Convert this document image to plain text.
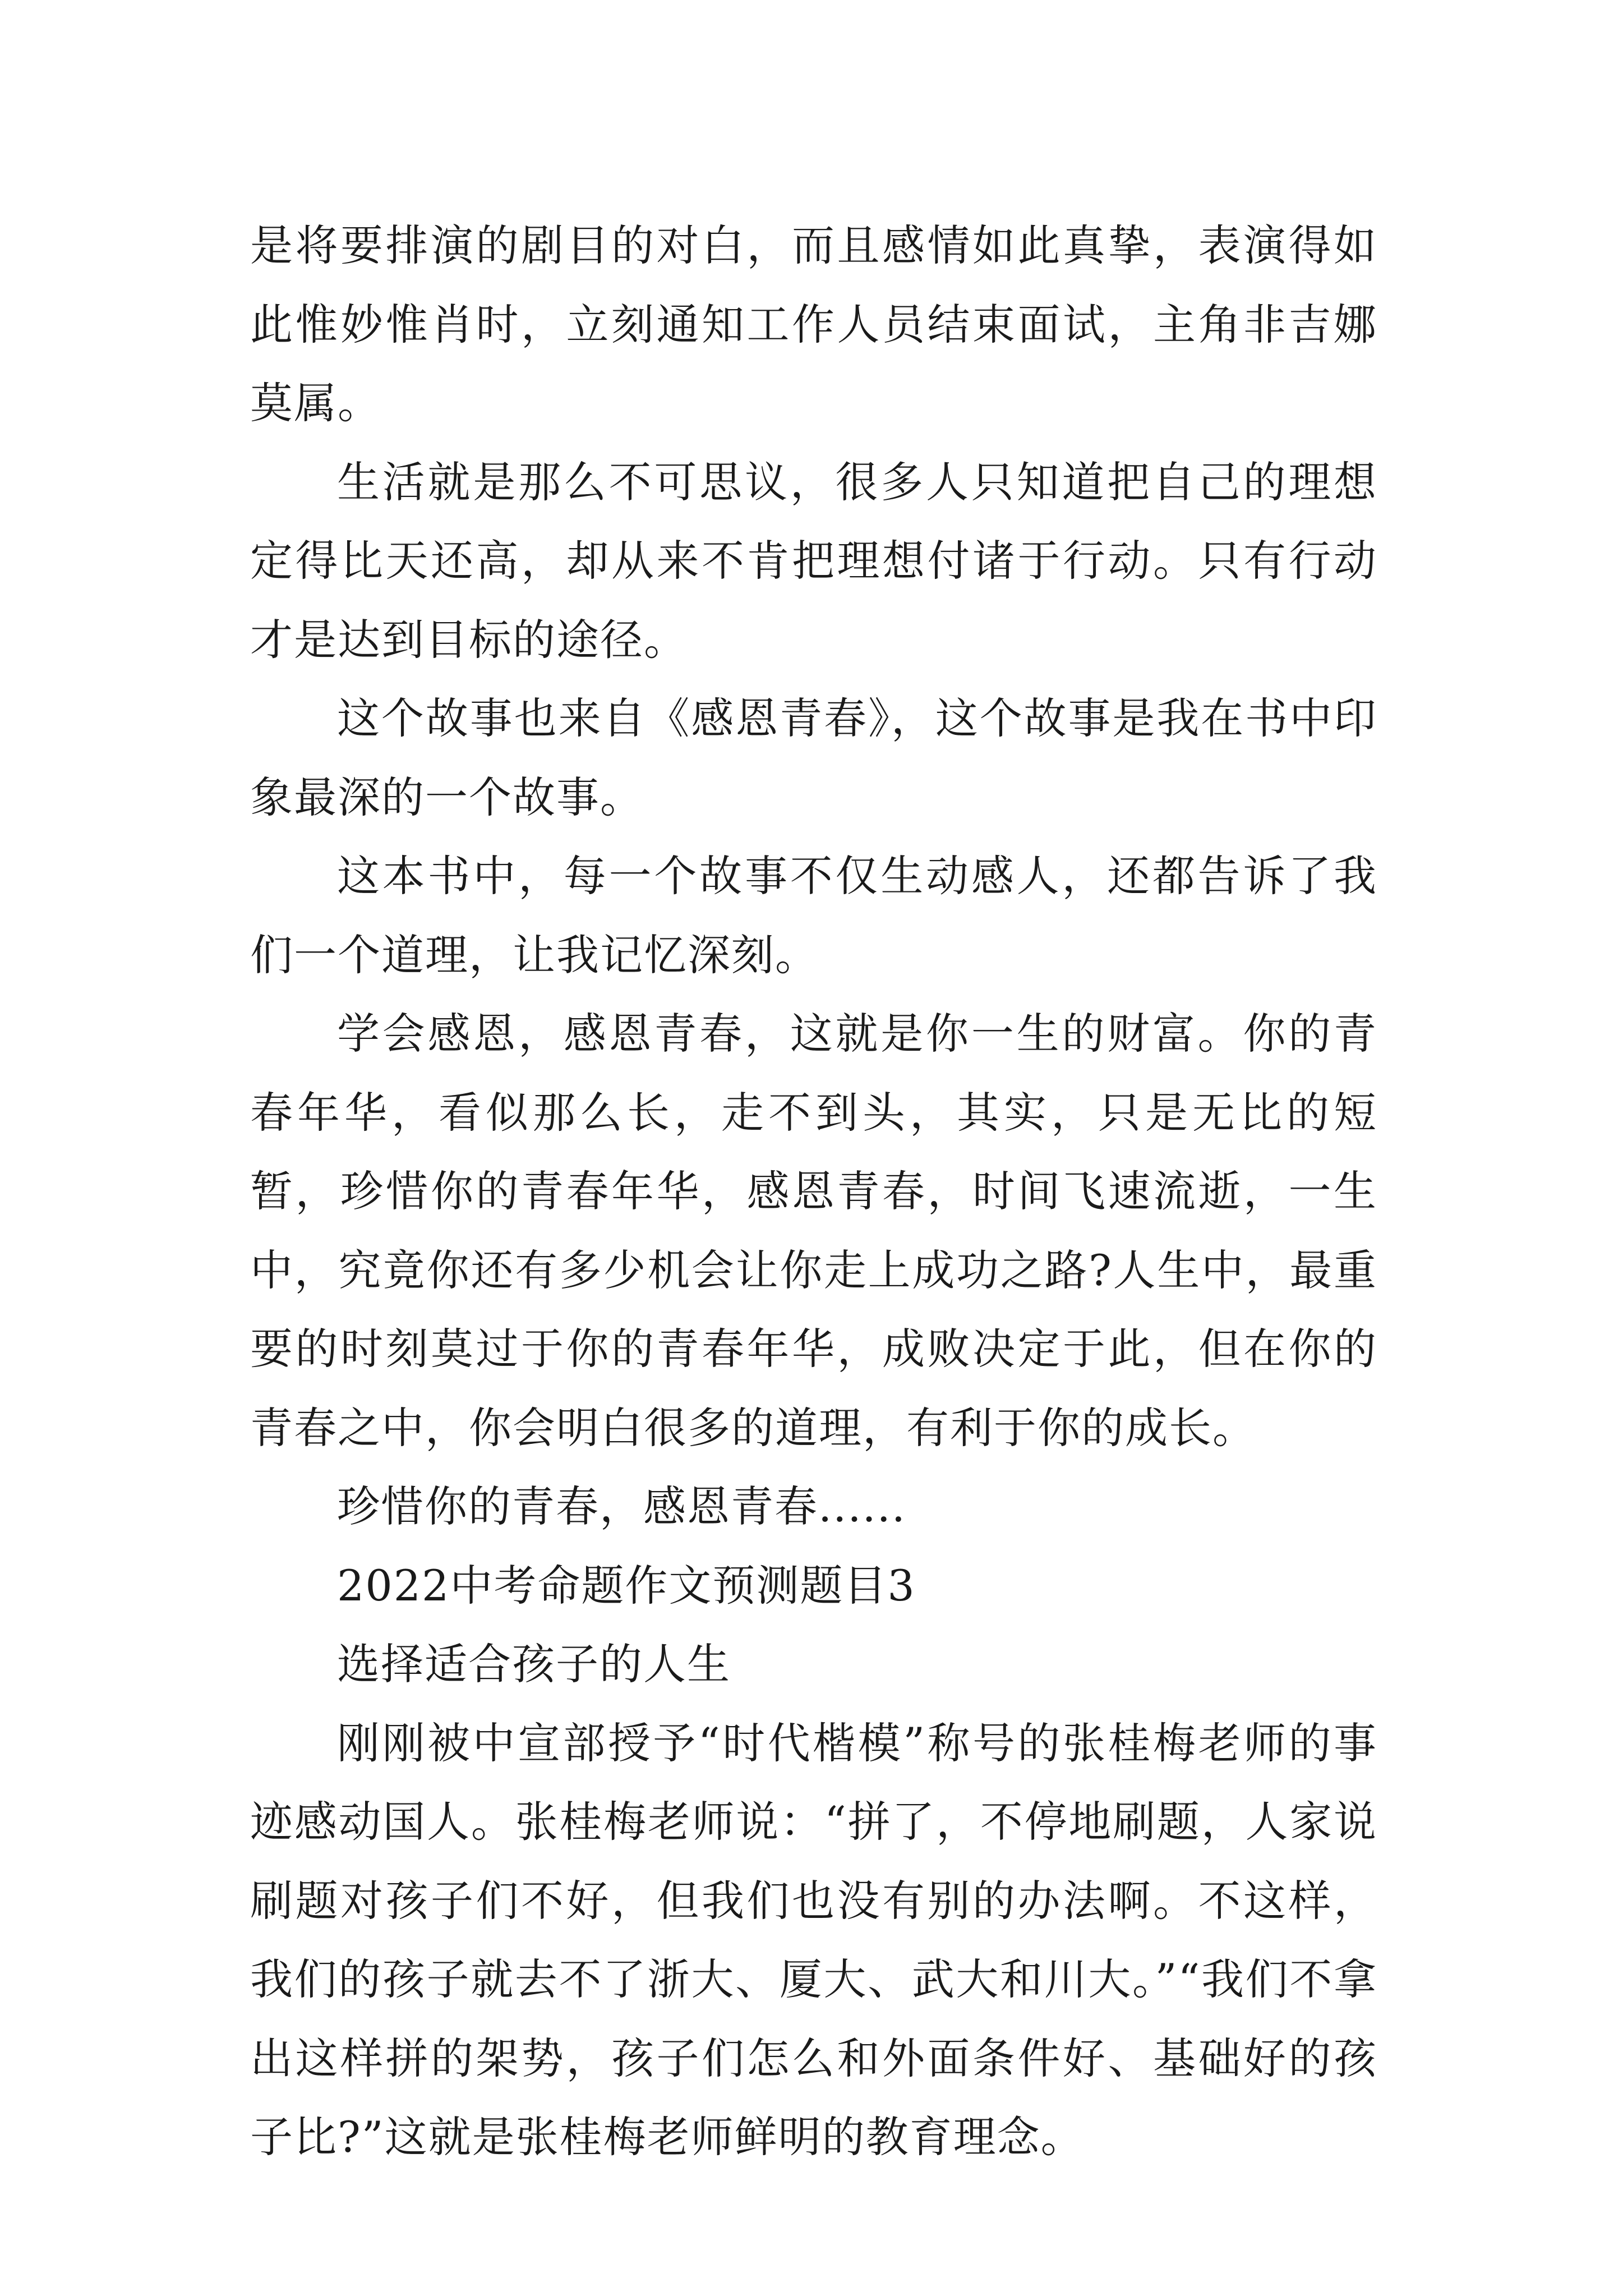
是将要排演的剧目的对白，而且感情如此真挚，表演得如此惟妙惟肖时，立刻通知工作人员结束面试，主角非吉娜莫属。

生活就是那么不可思议，很多人只知道把自己的理想定得比天还高，却从来不肯把理想付诸于行动。只有行动才是达到目标的途径。

这个故事也来自《感恩青春》，这个故事是我在书中印象最深的一个故事。

这本书中，每一个故事不仅生动感人，还都告诉了我们一个道理，让我记忆深刻。

学会感恩，感恩青春，这就是你一生的财富。你的青春年华，看似那么长，走不到头，其实，只是无比的短暂，珍惜你的青春年华，感恩青春，时间飞速流逝，一生中，究竟你还有多少机会让你走上成功之路?人生中，最重要的时刻莫过于你的青春年华，成败决定于此，但在你的青春之中，你会明白很多的道理，有利于你的成长。

珍惜你的青春，感恩青春......

2022中考命题作文预测题目3

选择适合孩子的人生

刚刚被中宣部授予“时代楷模”称号的张桂梅老师的事迹感动国人。张桂梅老师说：“拼了，不停地刷题，人家说刷题对孩子们不好，但我们也没有别的办法啊。不这样，我们的孩子就去不了浙大、厦大、武大和川大。”“我们不拿出这样拼的架势，孩子们怎么和外面条件好、基础好的孩子比?”这就是张桂梅老师鲜明的教育理念。
